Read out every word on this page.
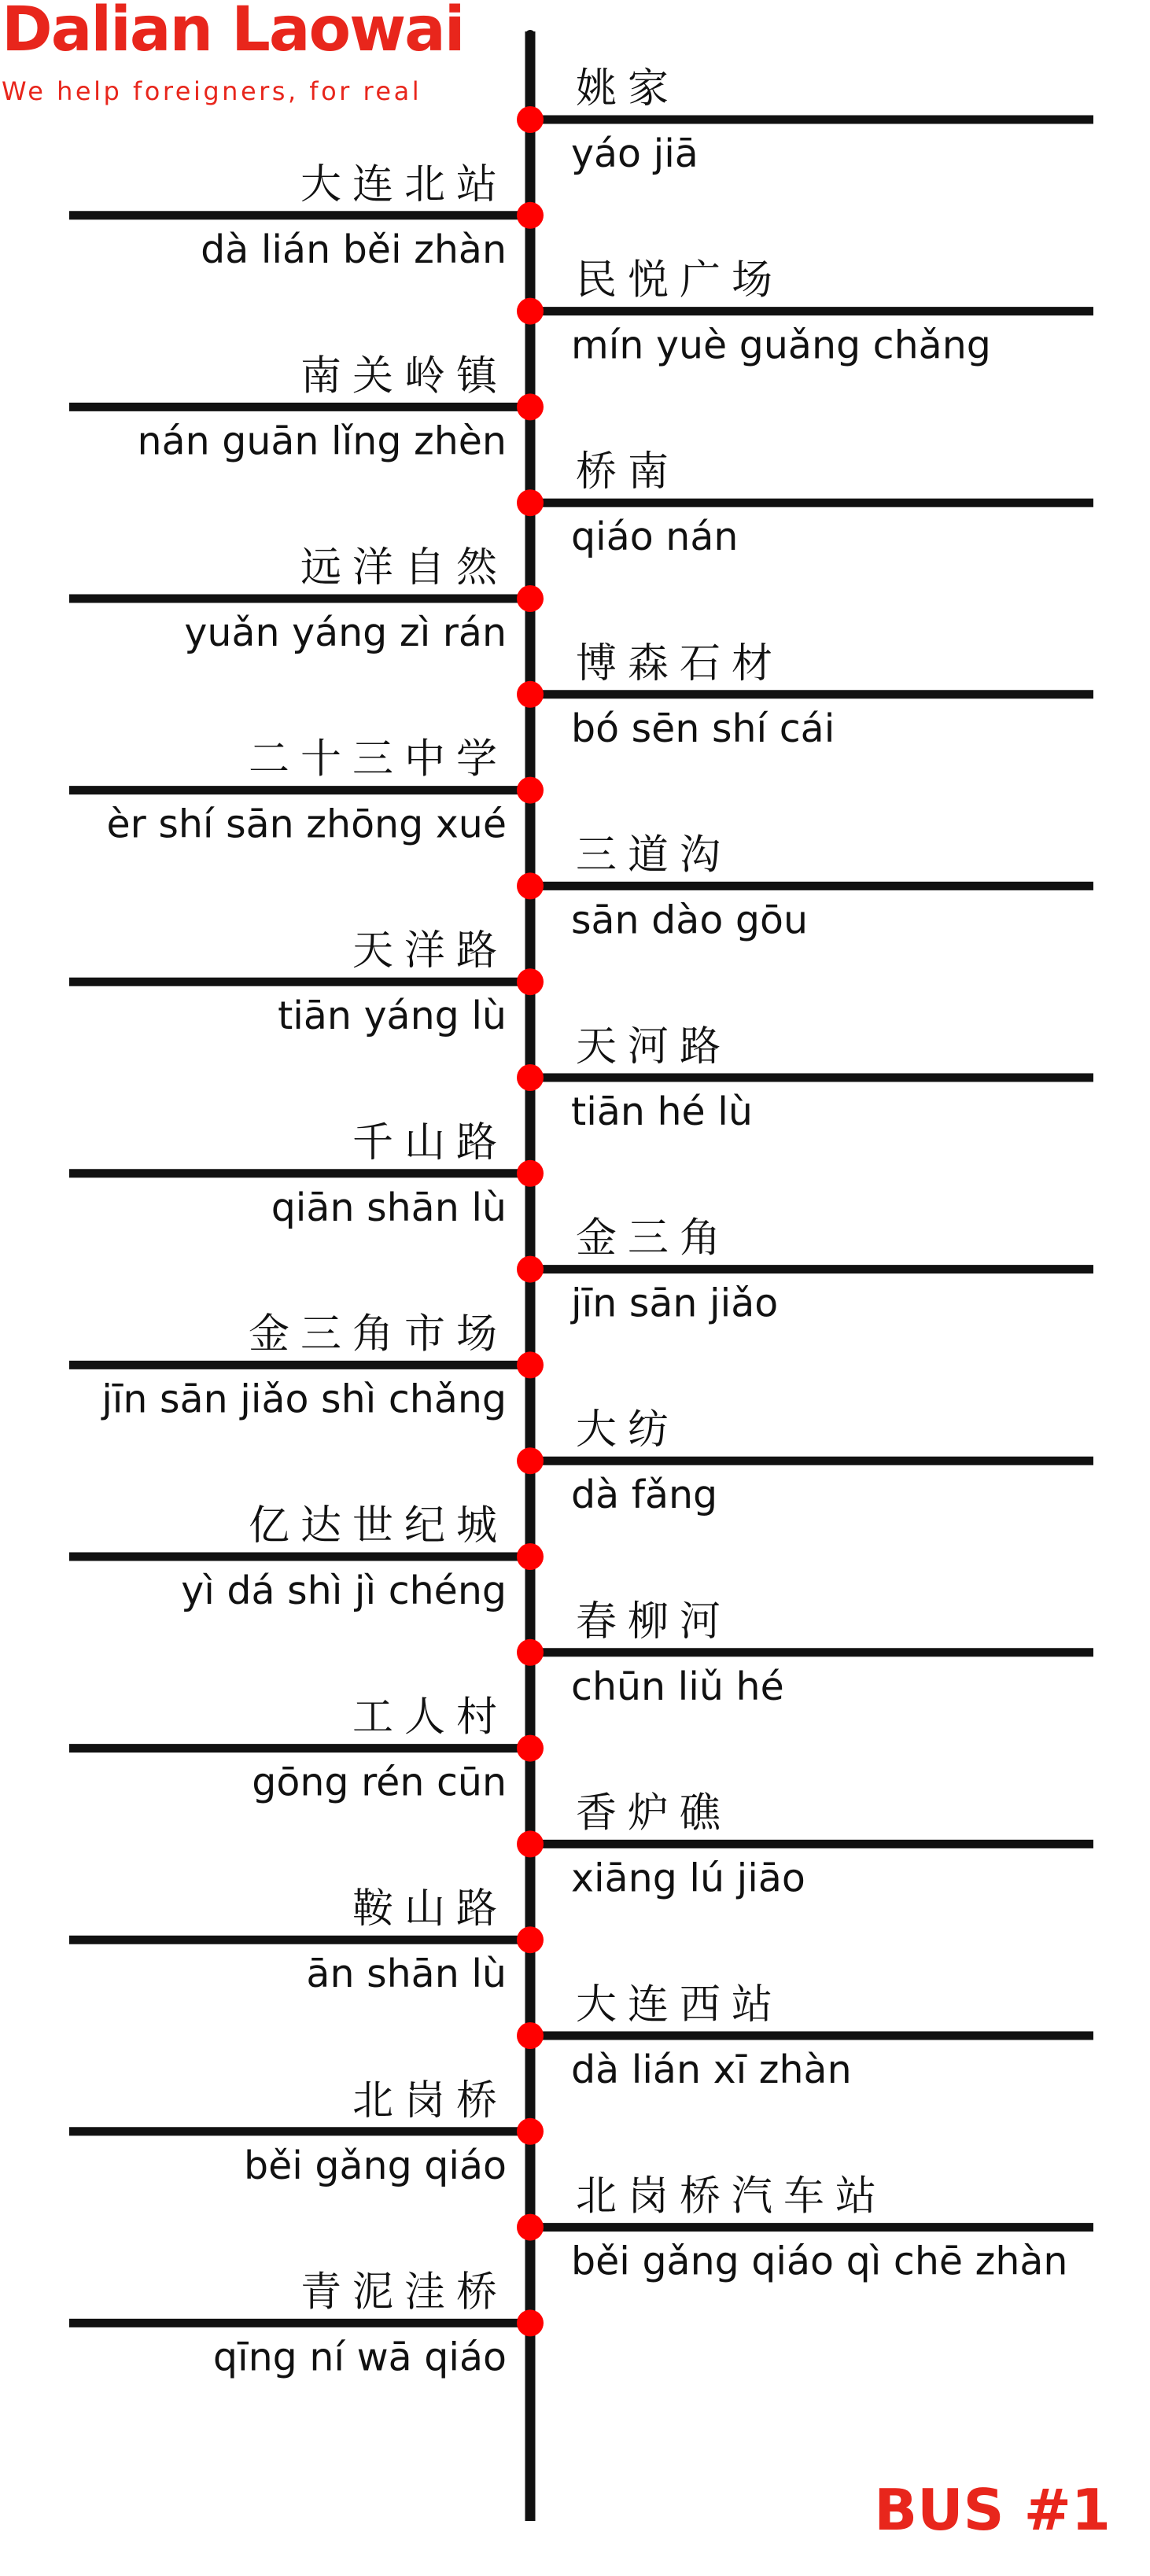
Dalian Laowai
We help foreigners, for real	姚家
yáo jiā
大连北站
dà lián běi zhàn
民悦广场
mín yuè guǎng chǎng
南关岭镇
nán guān lǐng zhèn
桥南
qiáo nán
远洋自然
yuǎn yáng zì rán
博森石材
bó sēn shí cái
二十三中学
èr shí sān zhōng xué
三道沟
sān dào gōu
天洋路
tiān yáng lù
天河路
tiān hé lù
千山路
qiān shān lù
金三角
jīn sān jiǎo
金三角市场
jīn sān jiǎo shì chǎng
大纺
dà fǎng
亿达世纪城
yì dá shì jì chéng
春柳河
chūn liǔ hé
工人村
gōng rén cūn
香炉礁
xiāng lú jiāo
鞍山路
ān shān lù
大连西站
dà lián xī zhàn
北岗桥
běi gǎng qiáo
北岗桥汽车站
běi gǎng qiáo qì chē zhàn
青泥洼桥
qīng ní wā qiáo
BUS #1
